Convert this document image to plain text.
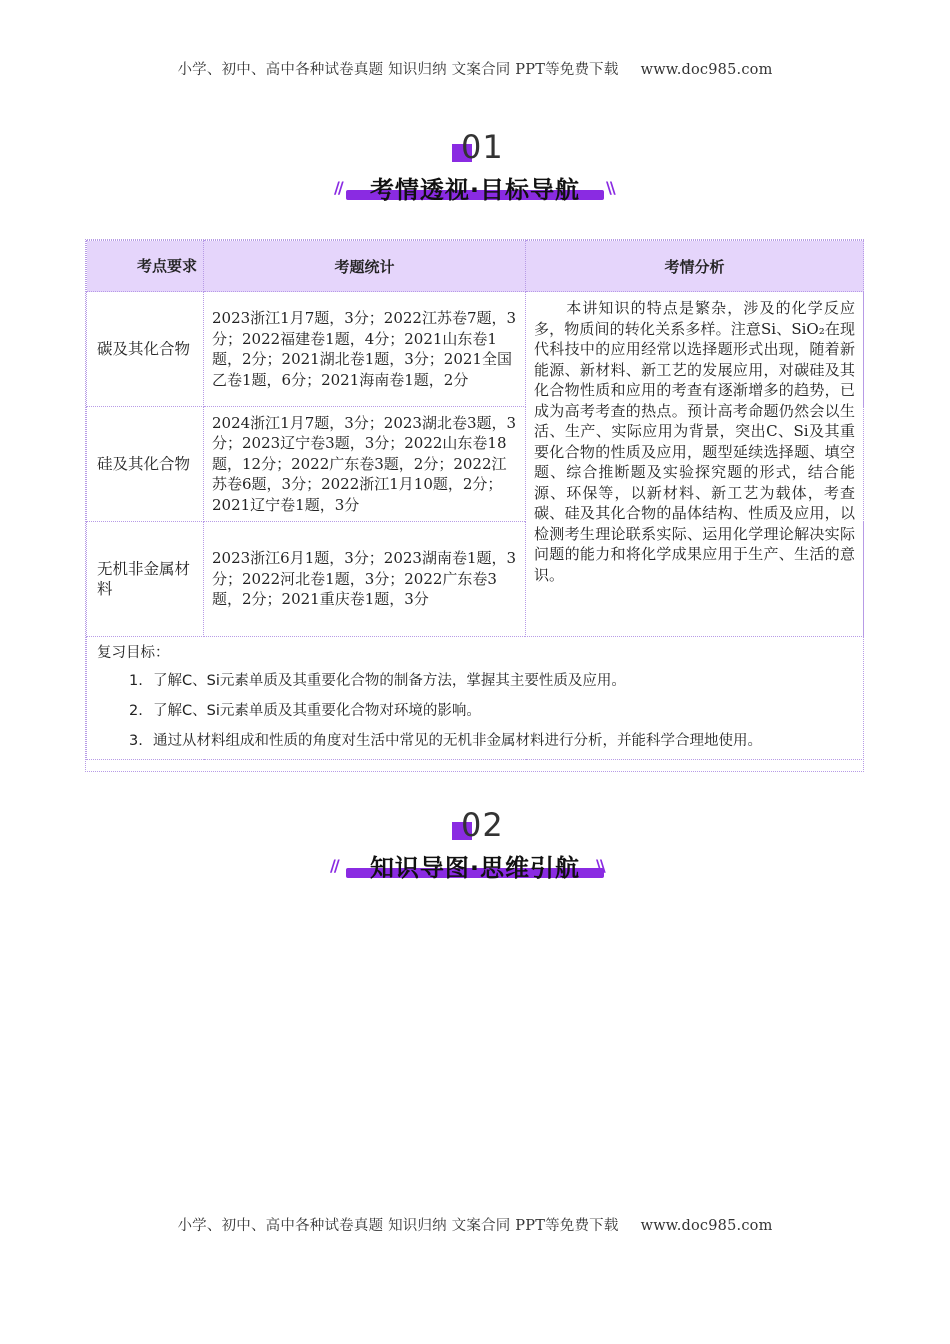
小学、初中、高中各种试卷真题 知识归纳 文案合同 PPT等免费下载 www.doc985.com
01
//	考情透视·目标导航	\\
考点要求	考题统计	考情分析
碳及其化合物	2023浙江1月7题，3分；2022江苏卷7题，3分；2022福建卷1题，4分；2021山东卷1题，2分；2021湖北卷1题，3分；2021全国乙卷1题，6分；2021海南卷1题，2分	　　本讲知识的特点是繁杂，涉及的化学反应多，物质间的转化关系多样。注意Si、SiO₂在现代科技中的应用经常以选择题形式出现，随着新能源、新材料、新工艺的发展应用，对碳硅及其化合物性质和应用的考查有逐渐增多的趋势，已成为高考考查的热点。预计高考命题仍然会以生活、生产、实际应用为背景，突出C、Si及其重要化合物的性质及应用，题型延续选择题、填空题、综合推断题及实验探究题的形式，结合能源、环保等，以新材料、新工艺为载体，考查碳、硅及其化合物的晶体结构、性质及应用，以检测考生理论联系实际、运用化学理论解决实际问题的能力和将化学成果应用于生产、生活的意识。
硅及其化合物	2024浙江1月7题，3分；2023湖北卷3题，3分；2023辽宁卷3题，3分；2022山东卷18题，12分；2022广东卷3题，2分；2022江苏卷6题，3分；2022浙江1月10题，2分；2021辽宁卷1题，3分	
无机非金属材料	2023浙江6月1题，3分；2023湖南卷1题，3分；2022河北卷1题，3分；2022广东卷3题，2分；2021重庆卷1题，3分	

复习目标：
1. 了解C、Si元素单质及其重要化合物的制备方法，掌握其主要性质及应用。
2. 了解C、Si元素单质及其重要化合物对环境的影响。
3. 通过从材料组成和性质的角度对生活中常见的无机非金属材料进行分析，并能科学合理地使用。		
02
//	知识导图·思维引航 \\
小学、初中、高中各种试卷真题 知识归纳 文案合同 PPT等免费下载 www.doc985.com
